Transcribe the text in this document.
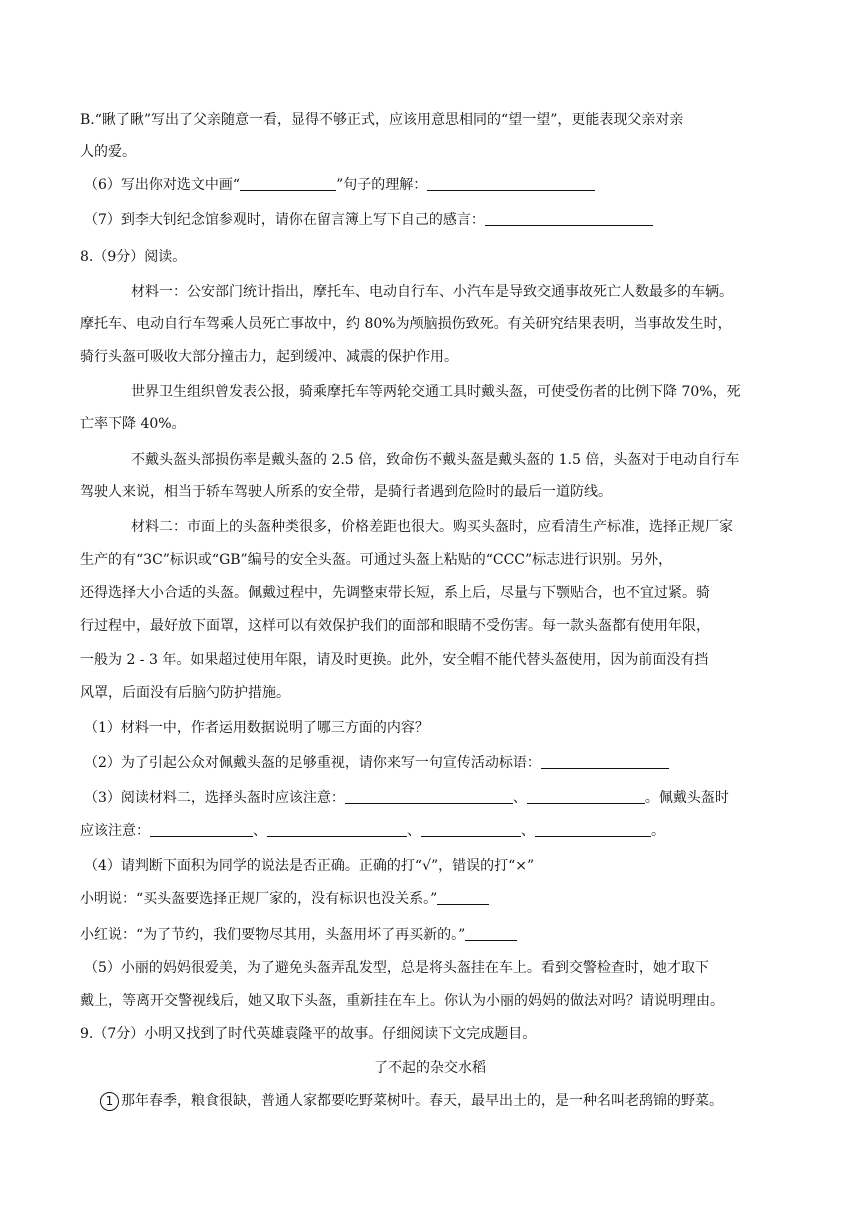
B.“瞅了瞅”写出了父亲随意一看，显得不够正式，应该用意思相同的“望一望”，更能表现父亲对亲
人的爱。
（6）写出你对选文中画“	”句子的理解：
（7）到李大钊纪念馆参观时，请你在留言簿上写下自己的感言：
8.（9分）阅读。
材料一：公安部门统计指出，摩托车、电动自行车、小汽车是导致交通事故死亡人数最多的车辆。
摩托车、电动自行车驾乘人员死亡事故中，约 80%为颅脑损伤致死。有关研究结果表明，当事故发生时，
骑行头盔可吸收大部分撞击力，起到缓冲、减震的保护作用。
世界卫生组织曾发表公报，骑乘摩托车等两轮交通工具时戴头盔，可使受伤者的比例下降 70%，死
亡率下降 40%。
不戴头盔头部损伤率是戴头盔的 2.5 倍，致命伤不戴头盔是戴头盔的 1.5 倍，头盔对于电动自行车
驾驶人来说，相当于轿车驾驶人所系的安全带，是骑行者遇到危险时的最后一道防线。
材料二：市面上的头盔种类很多，价格差距也很大。购买头盔时，应看清生产标准，选择正规厂家
生产的有“3C”标识或“GB”编号的安全头盔。可通过头盔上粘贴的“CCC”标志进行识别。另外，
还得选择大小合适的头盔。佩戴过程中，先调整束带长短，系上后，尽量与下颚贴合，也不宜过紧。骑
行过程中，最好放下面罩，这样可以有效保护我们的面部和眼睛不受伤害。每一款头盔都有使用年限，
一般为 2 - 3 年。如果超过使用年限，请及时更换。此外，安全帽不能代替头盔使用，因为前面没有挡
风罩，后面没有后脑勺防护措施。
（1）材料一中，作者运用数据说明了哪三方面的内容？
（2）为了引起公众对佩戴头盔的足够重视，请你来写一句宣传活动标语：
（3）阅读材料二，选择头盔时应该注意：	、	。佩戴头盔时
应该注意：	、	、	、	。
（4）请判断下面积为同学的说法是否正确。正确的打“√”，错误的打“×”
小明说：“买头盔要选择正规厂家的，没有标识也没关系。”
小红说：“为了节约，我们要物尽其用，头盔用坏了再买新的。”
（5）小丽的妈妈很爱美，为了避免头盔弄乱发型，总是将头盔挂在车上。看到交警检查时，她才取下
戴上，等离开交警视线后，她又取下头盔，重新挂在车上。你认为小丽的妈妈的做法对吗？请说明理由。
9.（7分）小明又找到了时代英雄袁隆平的故事。仔细阅读下文完成题目。
了不起的杂交水稻
1 那年春季，粮食很缺，普通人家都要吃野菜树叶。春天，最早出土的，是一种名叫老鸹锦的野菜。
